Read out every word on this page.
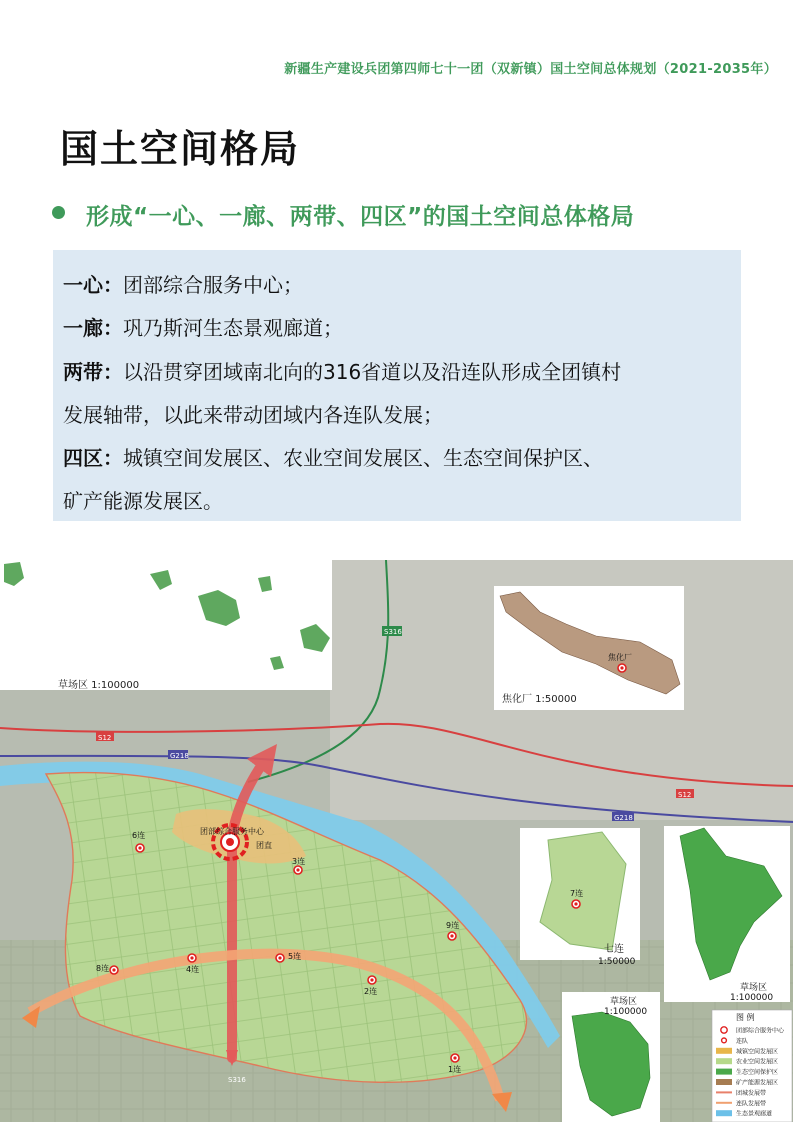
新疆生产建设兵团第四师七十一团（双新镇）国土空间总体规划（2021-2035年）
国土空间格局
形成“一心、一廊、两带、四区”的国土空间总体格局
一心：团部综合服务中心；
一廊：巩乃斯河生态景观廊道；
两带：以沿贯穿团域南北向的316省道以及沿连队形成全团镇村
发展轴带，以此来带动团域内各连队发展；
四区：城镇空间发展区、农业空间发展区、生态空间保护区、
矿产能源发展区。
草场区 1:100000
焦化厂
焦化厂 1:50000
S316
S12
S12
G218
G218
团部综合服务中心
团直
1连
2连
3连
4连
5连
6连
8连
9连
7连
七连
1:50000
草场区
1:100000
草场区
1:100000
图 例
团部综合服务中心
连队
城镇空间发展区
农业空间发展区
生态空间保护区
矿产能源发展区
团城发展带
连队发展带
生态景观廊道
S316
